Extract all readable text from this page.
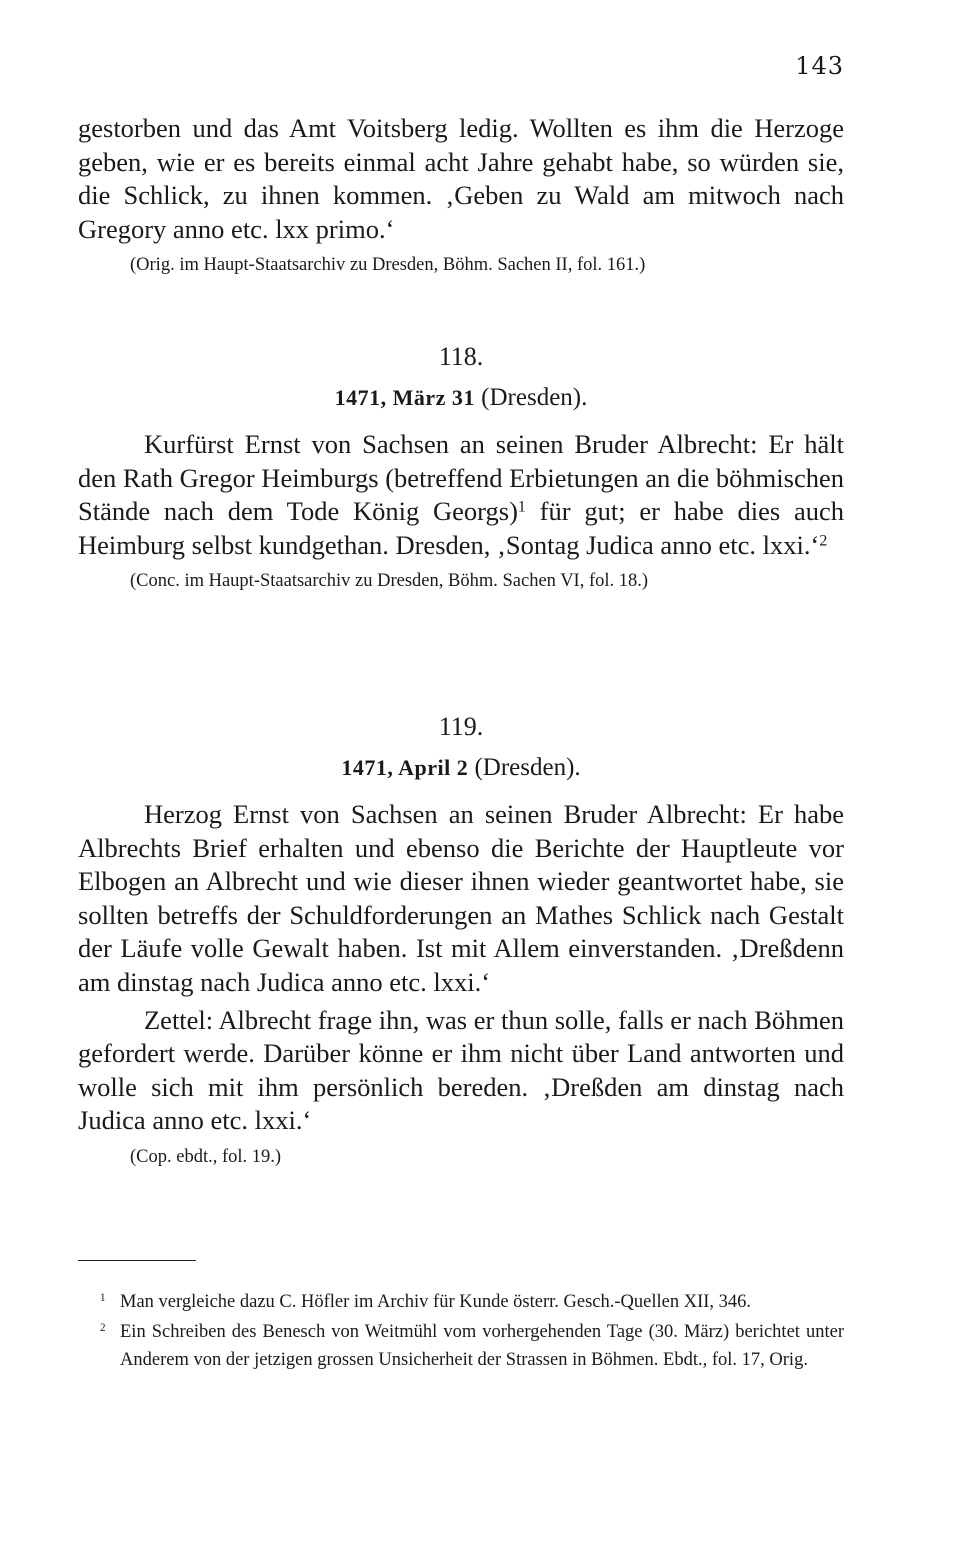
143

gestorben und das Amt Voitsberg ledig. Wollten es ihm die Herzoge geben, wie er es bereits einmal acht Jahre gehabt habe, so würden sie, die Schlick, zu ihnen kommen. ‚Geben zu Wald am mitwoch nach Gregory anno etc. lxx primo.‘

(Orig. im Haupt-Staatsarchiv zu Dresden, Böhm. Sachen II, fol. 161.)

118.

1471, März 31 (Dresden).

Kurfürst Ernst von Sachsen an seinen Bruder Albrecht: Er hält den Rath Gregor Heimburgs (betreffend Erbietungen an die böhmischen Stände nach dem Tode König Georgs)$^1$ für gut; er habe dies auch Heimburg selbst kundgethan. Dresden, ‚Sontag Judica anno etc. lxxi.‘$^2$

(Conc. im Haupt-Staatsarchiv zu Dresden, Böhm. Sachen VI, fol. 18.)

119.

1471, April 2 (Dresden).

Herzog Ernst von Sachsen an seinen Bruder Albrecht: Er habe Albrechts Brief erhalten und ebenso die Berichte der Hauptleute vor Elbogen an Albrecht und wie dieser ihnen wieder geantwortet habe, sie sollten betreffs der Schuldforderungen an Mathes Schlick nach Gestalt der Läufe volle Gewalt haben. Ist mit Allem einverstanden. ‚Dreßdenn am dinstag nach Judica anno etc. lxxi.‘

Zettel: Albrecht frage ihn, was er thun solle, falls er nach Böhmen gefordert werde. Darüber könne er ihm nicht über Land antworten und wolle sich mit ihm persönlich bereden. ‚Dreßden am dinstag nach Judica anno etc. lxxi.‘

(Cop. ebdt., fol. 19.)

$^1$ Man vergleiche dazu C. Höfler im Archiv für Kunde österr. Gesch.-Quellen XII, 346.

$^2$ Ein Schreiben des Benesch von Weitmühl vom vorhergehenden Tage (30. März) berichtet unter Anderem von der jetzigen grossen Unsicherheit der Strassen in Böhmen. Ebdt., fol. 17, Orig.
